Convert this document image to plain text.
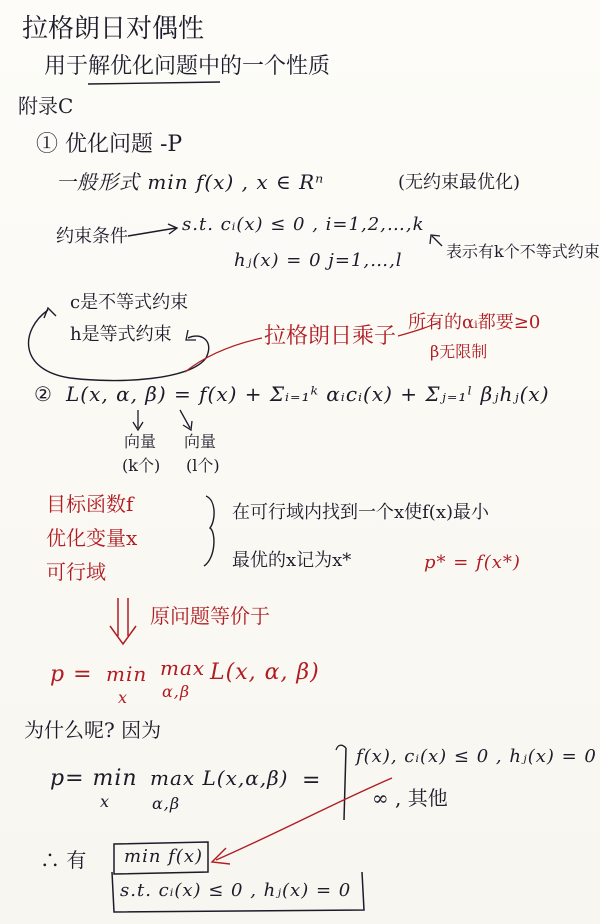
拉格朗日对偶性
用于解优化问题中的一个性质
附录C
① 优化问题 -P
一般形式 min f(x) , x ∈ Rⁿ	(无约束最优化)
约束条件
s.t. cᵢ(x) ≤ 0 , i=1,2,…,k
hⱼ(x) = 0 j=1,…,l	表示有k个不等式约束
c是不等式约束
h是等式约束	拉格朗日乘子
所有的αᵢ都要≥0
β无限制
② L(x, α, β) = f(x) + Σᵢ₌₁ᵏ αᵢcᵢ(x) + Σⱼ₌₁ˡ βⱼhⱼ(x)
向量
(k个)
向量
(l个)
目标函数f
优化变量x
可行域
在可行域内找到一个x使f(x)最小
最优的x记为x*	p* = f(x*)
原问题等价于
p = min
x
max
α,β
L(x, α, β)
为什么呢? 因为
p= min
x
max L(x,α,β)
α,β
=
f(x), cᵢ(x) ≤ 0 , hⱼ(x) = 0
∞ , 其他
∴ 有 min f(x)
s.t. cᵢ(x) ≤ 0 , hⱼ(x) = 0
